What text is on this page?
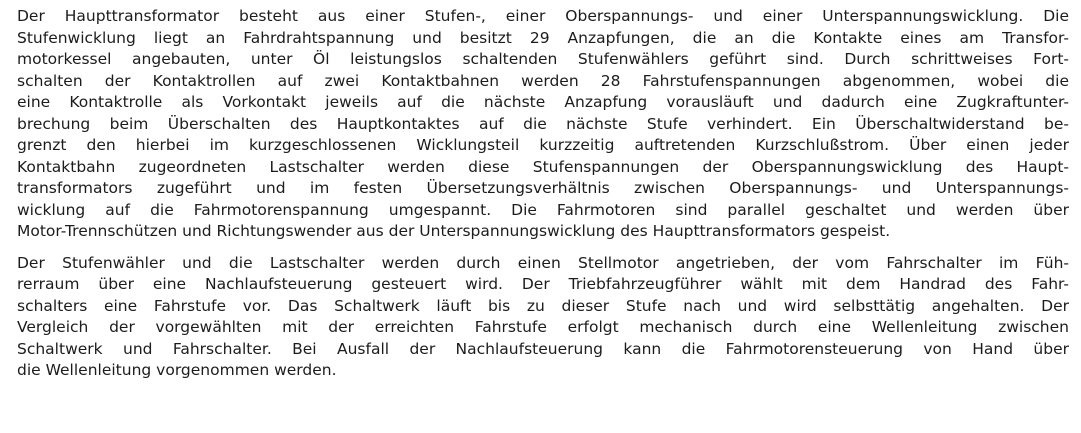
Der Haupttransformator besteht aus einer Stufen-, einer Oberspannungs- und einer Unterspannungswicklung. Die
Stufenwicklung liegt an Fahrdrahtspannung und besitzt 29 Anzapfungen, die an die Kontakte eines am Transfor-
motorkessel angebauten, unter Öl leistungslos schaltenden Stufenwählers geführt sind. Durch schrittweises Fort-
schalten der Kontaktrollen auf zwei Kontaktbahnen werden 28 Fahrstufenspannungen abgenommen, wobei die
eine Kontaktrolle als Vorkontakt jeweils auf die nächste Anzapfung vorausläuft und dadurch eine Zugkraftunter-
brechung beim Überschalten des Hauptkontaktes auf die nächste Stufe verhindert. Ein Überschaltwiderstand be-
grenzt den hierbei im kurzgeschlossenen Wicklungsteil kurzzeitig auftretenden Kurzschlußstrom. Über einen jeder
Kontaktbahn zugeordneten Lastschalter werden diese Stufenspannungen der Oberspannungswicklung des Haupt-
transformators zugeführt und im festen Übersetzungsverhältnis zwischen Oberspannungs- und Unterspannungs-
wicklung auf die Fahrmotorenspannung umgespannt. Die Fahrmotoren sind parallel geschaltet und werden über
Motor-Trennschützen und Richtungswender aus der Unterspannungswicklung des Haupttransformators gespeist.

Der Stufenwähler und die Lastschalter werden durch einen Stellmotor angetrieben, der vom Fahrschalter im Füh-
rerraum über eine Nachlaufsteuerung gesteuert wird. Der Triebfahrzeugführer wählt mit dem Handrad des Fahr-
schalters eine Fahrstufe vor. Das Schaltwerk läuft bis zu dieser Stufe nach und wird selbsttätig angehalten. Der
Vergleich der vorgewählten mit der erreichten Fahrstufe erfolgt mechanisch durch eine Wellenleitung zwischen
Schaltwerk und Fahrschalter. Bei Ausfall der Nachlaufsteuerung kann die Fahrmotorensteuerung von Hand über
die Wellenleitung vorgenommen werden.
